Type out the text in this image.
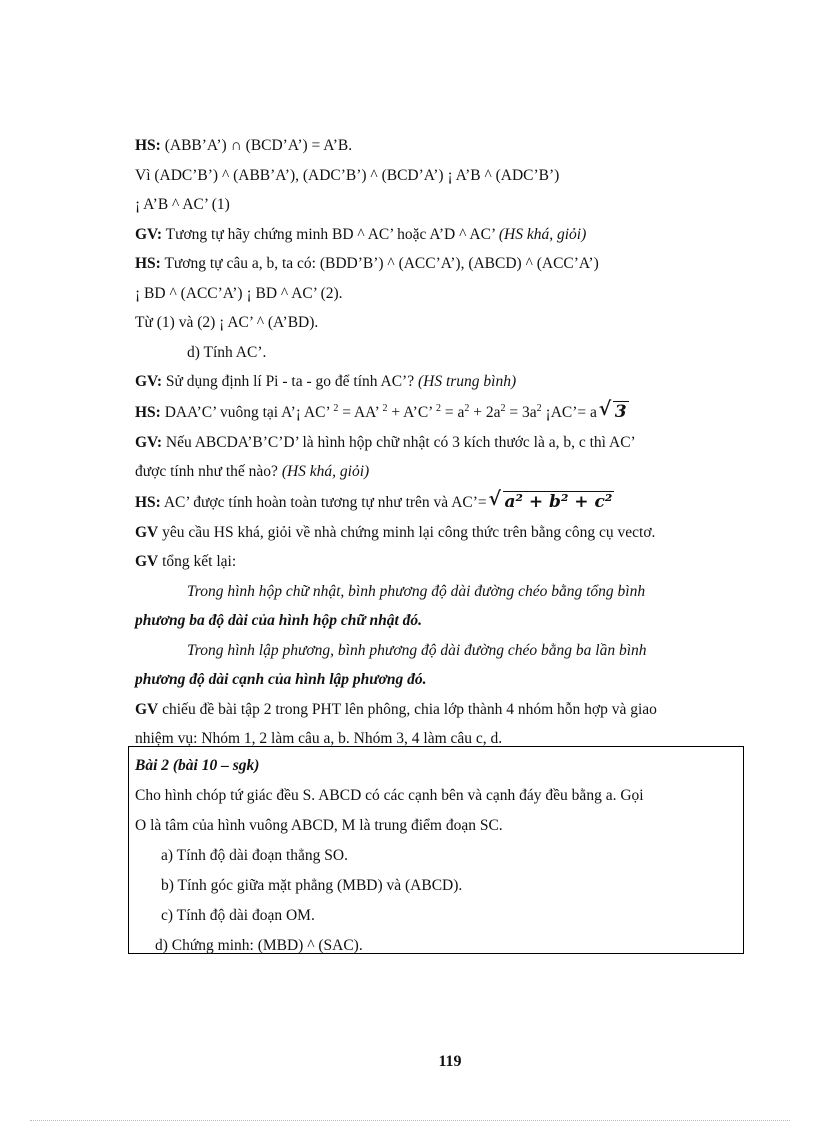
HS: (ABB’A’) ∩ (BCD’A’) = A’B.
Vì (ADC’B’) ^ (ABB’A’), (ADC’B’) ^ (BCD’A’) ¡ A’B ^ (ADC’B’)
¡ A’B ^ AC’ (1)
GV: Tương tự hãy chứng minh BD ^ AC’ hoặc A’D ^ AC’ (HS khá, giỏi)
HS: Tương tự câu a, b, ta có: (BDD’B’) ^ (ACC’A’), (ABCD) ^ (ACC’A’)
¡ BD ^ (ACC’A’) ¡ BD ^ AC’ (2).
Từ (1) và (2) ¡ AC’ ^ (A’BD).
d) Tính AC’.
GV: Sử dụng định lí Pi - ta - go để tính AC’? (HS trung bình)
HS: DAA’C’ vuông tại A’¡ AC’ $^2$ = AA’ $^2$ + A’C’ $^2 = a^2 + 2a^2 = 3a^2$ ¡AC’= a √ 3
GV: Nếu ABCDA’B’C’D’ là hình hộp chữ nhật có 3 kích thước là a, b, c thì AC’
được tính như thế nào? (HS khá, giỏi)
HS: AC’ được tính hoàn toàn tương tự như trên và AC’= √ a² + b² + c²
GV yêu cầu HS khá, giỏi về nhà chứng minh lại công thức trên bằng công cụ vectơ.
GV tổng kết lại:
Trong hình hộp chữ nhật, bình phương độ dài đường chéo bằng tổng bình
phương ba độ dài của hình hộp chữ nhật đó.
Trong hình lập phương, bình phương độ dài đường chéo bằng ba lần bình
phương độ dài cạnh của hình lập phương đó.
GV chiếu đề bài tập 2 trong PHT lên phông, chia lớp thành 4 nhóm hỗn hợp và giao
nhiệm vụ: Nhóm 1, 2 làm câu a, b. Nhóm 3, 4 làm câu c, d.
Bài 2 (bài 10 – sgk)
Cho hình chóp tứ giác đều S. ABCD có các cạnh bên và cạnh đáy đều bằng a. Gọi
O là tâm của hình vuông ABCD, M là trung điểm đoạn SC.
a) Tính độ dài đoạn thẳng SO.
b) Tính góc giữa mặt phẳng (MBD) và (ABCD).
c) Tính độ dài đoạn OM.
d) Chứng minh: (MBD) ^ (SAC).
119
